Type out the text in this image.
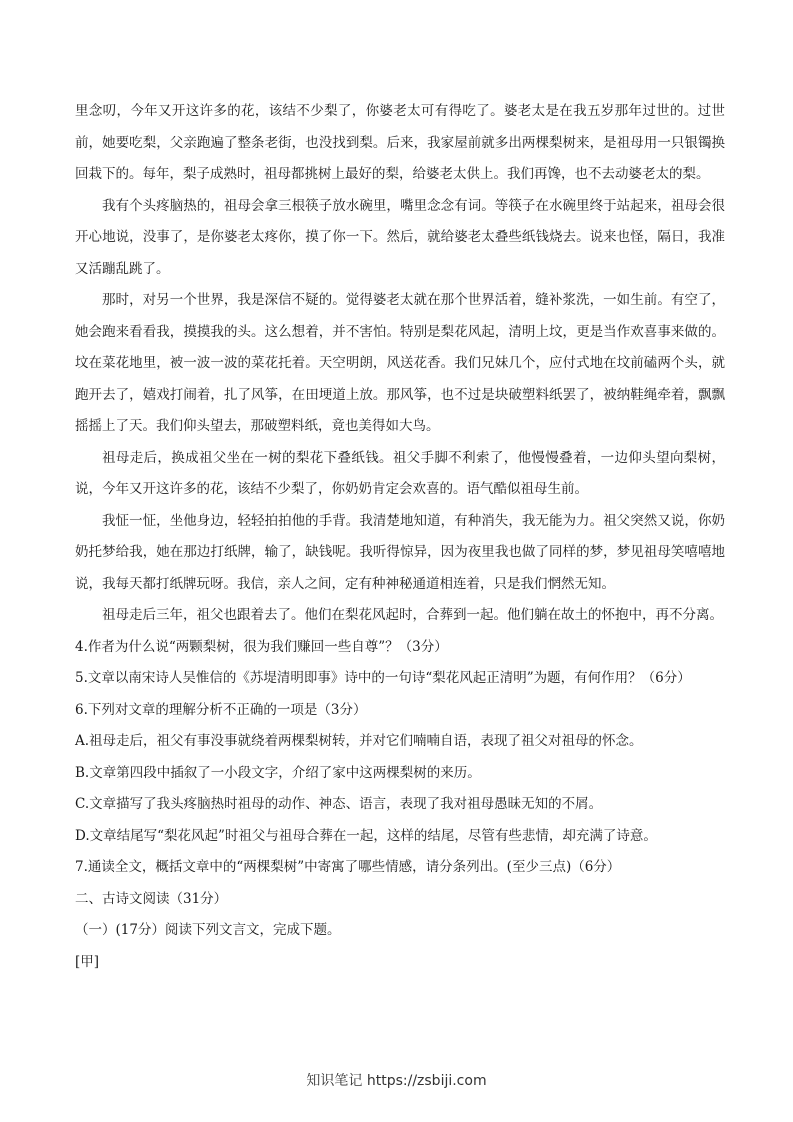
里念叨，今年又开这许多的花，该结不少梨了，你婆老太可有得吃了。婆老太是在我五岁那年过世的。过世前，她要吃梨，父亲跑遍了整条老街，也没找到梨。后来，我家屋前就多出两棵梨树来，是祖母用一只银镯换回栽下的。每年，梨子成熟时，祖母都挑树上最好的梨，给婆老太供上。我们再馋，也不去动婆老太的梨。

我有个头疼脑热的，祖母会拿三根筷子放水碗里，嘴里念念有词。等筷子在水碗里终于站起来，祖母会很开心地说，没事了，是你婆老太疼你，摸了你一下。然后，就给婆老太叠些纸钱烧去。说来也怪，隔日，我准又活蹦乱跳了。

那时，对另一个世界，我是深信不疑的。觉得婆老太就在那个世界活着，缝补浆洗，一如生前。有空了，她会跑来看看我，摸摸我的头。这么想着，并不害怕。特别是梨花风起，清明上坟，更是当作欢喜事来做的。坟在菜花地里，被一波一波的菜花托着。天空明朗，风送花香。我们兄妹几个，应付式地在坟前磕两个头，就跑开去了，嬉戏打闹着，扎了风筝，在田埂道上放。那风筝，也不过是块破塑料纸罢了，被纳鞋绳牵着，飘飘摇摇上了天。我们仰头望去，那破塑料纸，竟也美得如大鸟。

祖母走后，换成祖父坐在一树的梨花下叠纸钱。祖父手脚不利索了，他慢慢叠着，一边仰头望向梨树，说，今年又开这许多的花，该结不少梨了，你奶奶肯定会欢喜的。语气酷似祖母生前。

我怔一怔，坐他身边，轻轻拍拍他的手背。我清楚地知道，有种消失，我无能为力。祖父突然又说，你奶奶托梦给我，她在那边打纸牌，输了，缺钱呢。我听得惊异，因为夜里我也做了同样的梦，梦见祖母笑嘻嘻地说，我每天都打纸牌玩呀。我信，亲人之间，定有种神秘通道相连着，只是我们惘然无知。

祖母走后三年，祖父也跟着去了。他们在梨花风起时，合葬到一起。他们躺在故土的怀抱中，再不分离。

4.作者为什么说“两颗梨树，很为我们赚回一些自尊”？（3分）

5.文章以南宋诗人吴惟信的《苏堤清明即事》诗中的一句诗“梨花风起正清明”为题，有何作用？（6分）

6.下列对文章的理解分析不正确的一项是（3分）

A.祖母走后，祖父有事没事就绕着两棵梨树转，并对它们喃喃自语，表现了祖父对祖母的怀念。

B.文章第四段中插叙了一小段文字，介绍了家中这两棵梨树的来历。

C.文章描写了我头疼脑热时祖母的动作、神态、语言，表现了我对祖母愚昧无知的不屑。

D.文章结尾写“梨花风起”时祖父与祖母合葬在一起，这样的结尾，尽管有些悲情，却充满了诗意。

7.通读全文，概括文章中的“两棵梨树”中寄寓了哪些情感，请分条列出。(至少三点)（6分）

二、古诗文阅读（31分）

（一）(17分）阅读下列文言文，完成下题。

[甲]

知识笔记 https://zsbiji.com
